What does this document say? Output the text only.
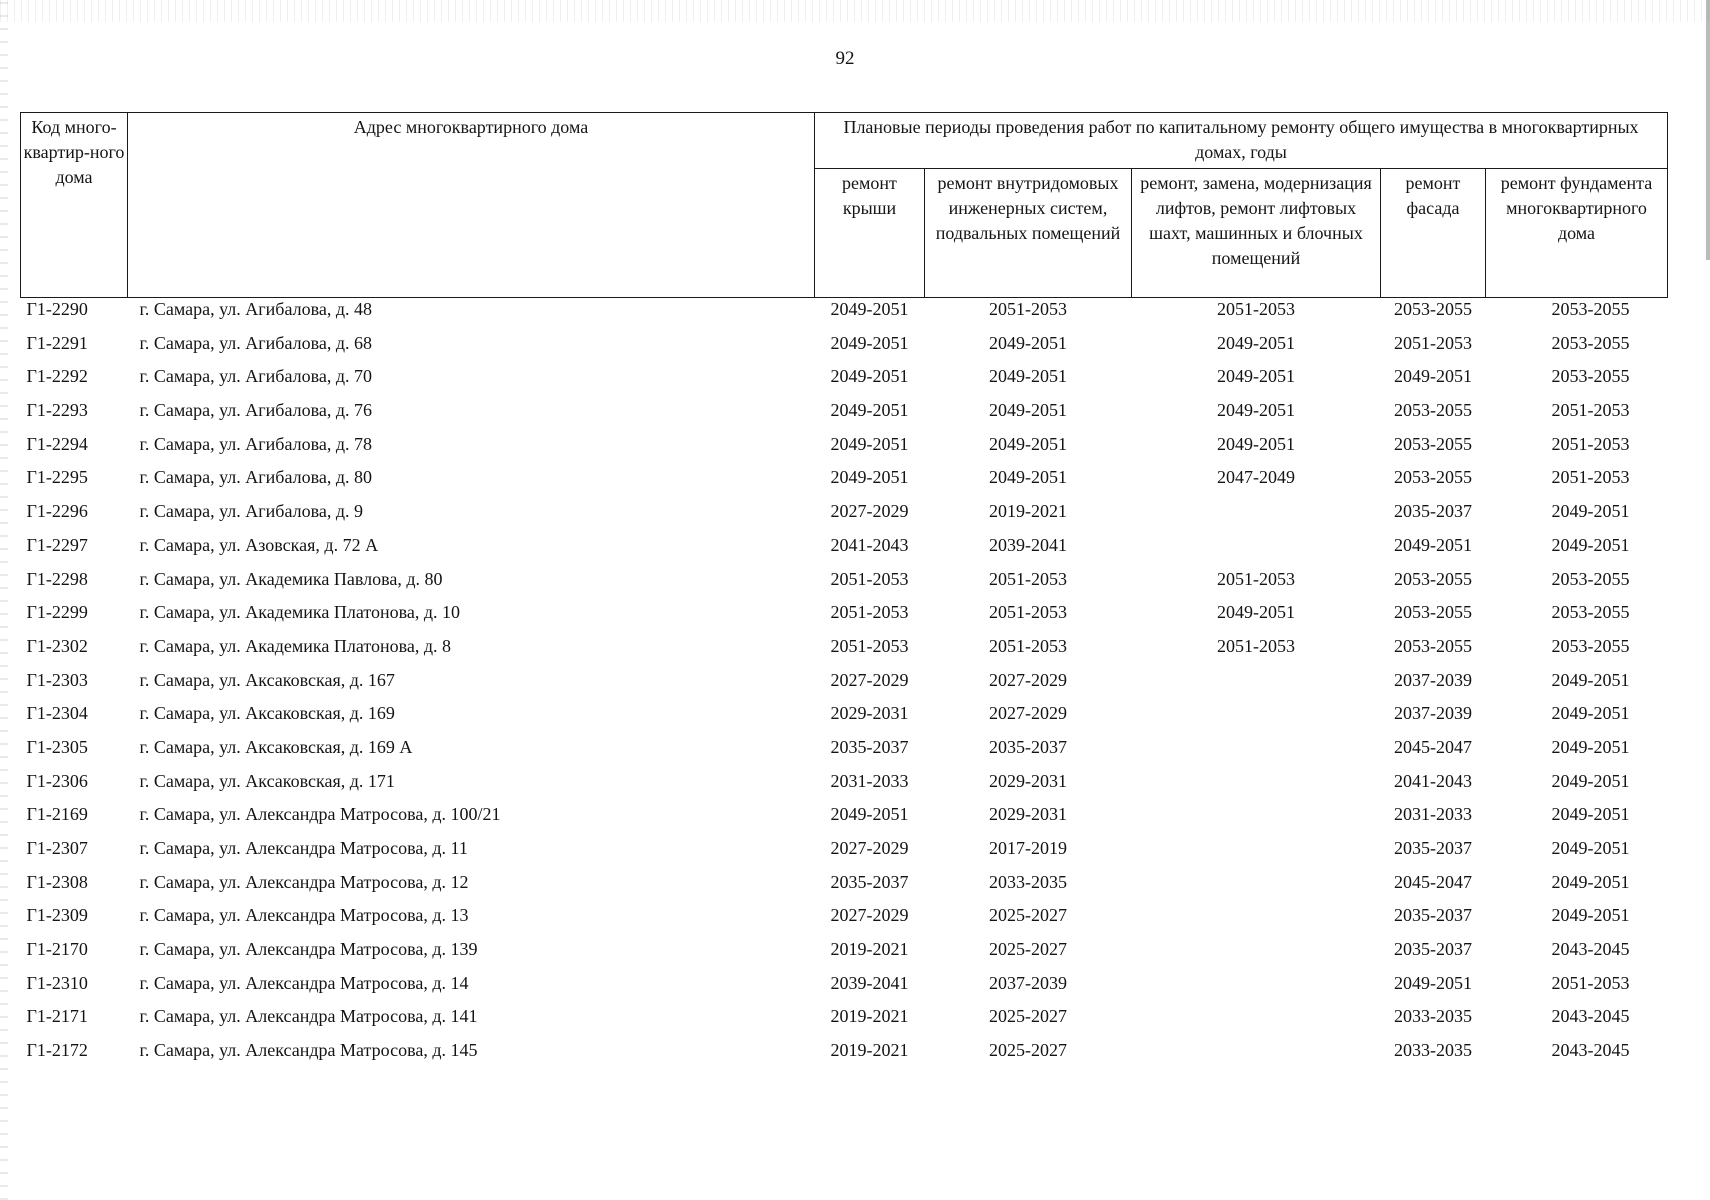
92
Код много-квартир-ного дома	Адрес многоквартирного дома	Плановые периоды проведения работ по капитальному ремонту общего имущества в многоквартирных домах, годы				
		ремонт крыши	ремонт внутридомовых инженерных систем, подвальных помещений	ремонт, замена, модернизация лифтов, ремонт лифтовых шахт, машинных и блочных помещений	ремонт фасада	ремонт фундамента многоквартирного дома
Г1-2290	г. Самара, ул. Агибалова, д. 48	2049-2051	2051-2053	2051-2053	2053-2055	2053-2055
Г1-2291	г. Самара, ул. Агибалова, д. 68	2049-2051	2049-2051	2049-2051	2051-2053	2053-2055
Г1-2292	г. Самара, ул. Агибалова, д. 70	2049-2051	2049-2051	2049-2051	2049-2051	2053-2055
Г1-2293	г. Самара, ул. Агибалова, д. 76	2049-2051	2049-2051	2049-2051	2053-2055	2051-2053
Г1-2294	г. Самара, ул. Агибалова, д. 78	2049-2051	2049-2051	2049-2051	2053-2055	2051-2053
Г1-2295	г. Самара, ул. Агибалова, д. 80	2049-2051	2049-2051	2047-2049	2053-2055	2051-2053
Г1-2296	г. Самара, ул. Агибалова, д. 9	2027-2029	2019-2021		2035-2037	2049-2051
Г1-2297	г. Самара, ул. Азовская, д. 72 А	2041-2043	2039-2041		2049-2051	2049-2051
Г1-2298	г. Самара, ул. Академика Павлова, д. 80	2051-2053	2051-2053	2051-2053	2053-2055	2053-2055
Г1-2299	г. Самара, ул. Академика Платонова, д. 10	2051-2053	2051-2053	2049-2051	2053-2055	2053-2055
Г1-2302	г. Самара, ул. Академика Платонова, д. 8	2051-2053	2051-2053	2051-2053	2053-2055	2053-2055
Г1-2303	г. Самара, ул. Аксаковская, д. 167	2027-2029	2027-2029		2037-2039	2049-2051
Г1-2304	г. Самара, ул. Аксаковская, д. 169	2029-2031	2027-2029		2037-2039	2049-2051
Г1-2305	г. Самара, ул. Аксаковская, д. 169 А	2035-2037	2035-2037		2045-2047	2049-2051
Г1-2306	г. Самара, ул. Аксаковская, д. 171	2031-2033	2029-2031		2041-2043	2049-2051
Г1-2169	г. Самара, ул. Александра Матросова, д. 100/21	2049-2051	2029-2031		2031-2033	2049-2051
Г1-2307	г. Самара, ул. Александра Матросова, д. 11	2027-2029	2017-2019		2035-2037	2049-2051
Г1-2308	г. Самара, ул. Александра Матросова, д. 12	2035-2037	2033-2035		2045-2047	2049-2051
Г1-2309	г. Самара, ул. Александра Матросова, д. 13	2027-2029	2025-2027		2035-2037	2049-2051
Г1-2170	г. Самара, ул. Александра Матросова, д. 139	2019-2021	2025-2027		2035-2037	2043-2045
Г1-2310	г. Самара, ул. Александра Матросова, д. 14	2039-2041	2037-2039		2049-2051	2051-2053
Г1-2171	г. Самара, ул. Александра Матросова, д. 141	2019-2021	2025-2027		2033-2035	2043-2045
Г1-2172	г. Самара, ул. Александра Матросова, д. 145	2019-2021	2025-2027		2033-2035	2043-2045
